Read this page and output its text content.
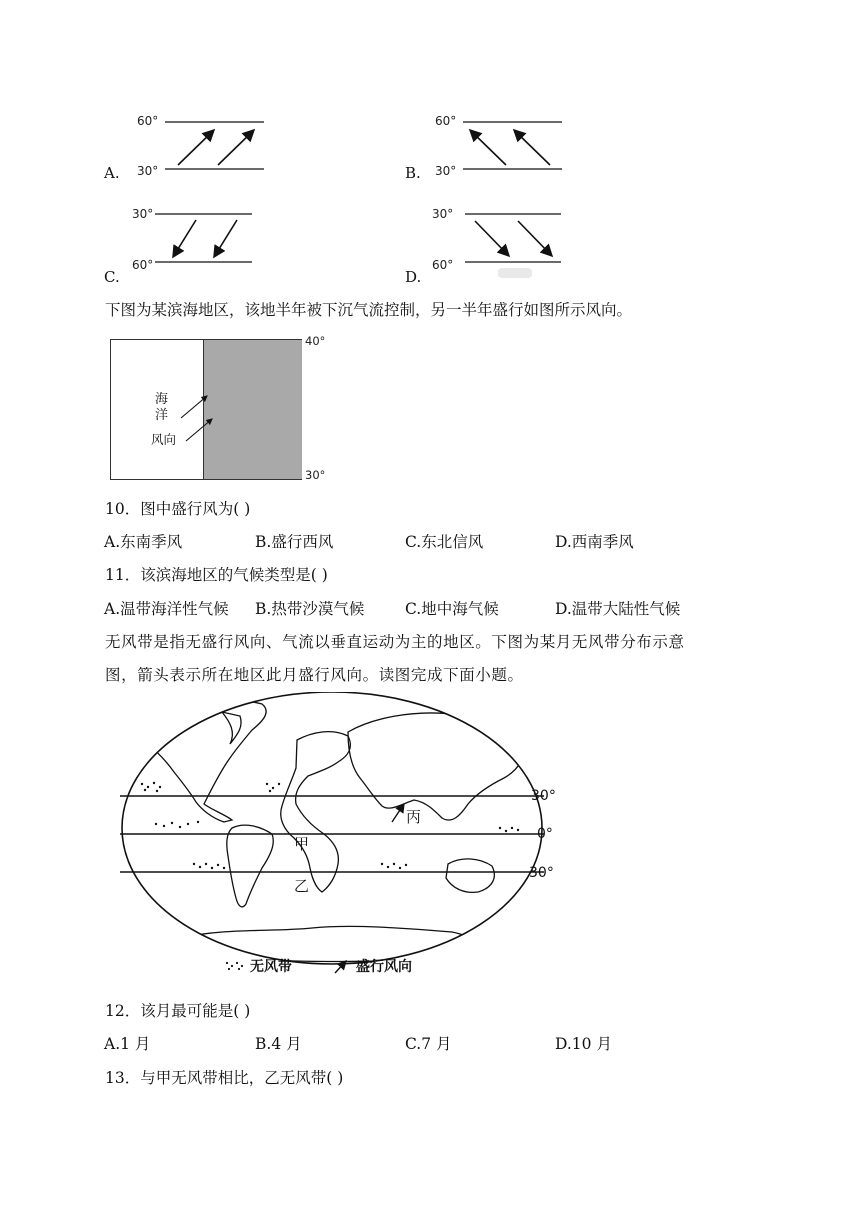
A.
60°
30°	B.
60°
30°
C.
30°
60°
D.
30°
60°
下图为某滨海地区，该地半年被下沉气流控制，另一半年盛行如图所示风向。
海
洋
风向
40°
30°
10．图中盛行风为( )
A.东南季风	B.盛行西风	C.东北信风	D.西南季风
11．该滨海地区的气候类型是( )
A.温带海洋性气候 B.热带沙漠气候	C.地中海气候	D.温带大陆性气候
无风带是指无盛行风向、气流以垂直运动为主的地区。下图为某月无风带分布示意
图，箭头表示所在地区此月盛行风向。读图完成下面小题。
丙
甲
乙
30°
0°
30°
无风带	盛行风向
12．该月最可能是( )
A.1 月	B.4 月	C.7 月	D.10 月
13．与甲无风带相比，乙无风带( )
